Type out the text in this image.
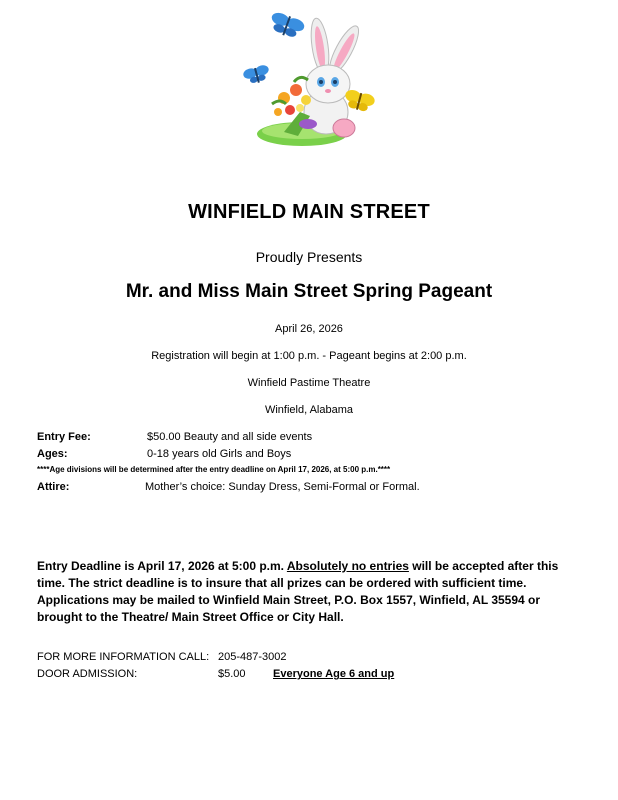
WINFIELD MAIN STREET
Proudly Presents
Mr. and Miss Main Street Spring Pageant
April 26, 2026
Registration will begin at 1:00 p.m. - Pageant begins at 2:00 p.m.
Winfield Pastime Theatre
Winfield, Alabama
Entry Fee:	$50.00 Beauty and all side events
Ages:	0-18 years old Girls and Boys
****Age divisions will be determined after the entry deadline on April 17, 2026, at 5:00 p.m.****
Attire:	Mother’s choice: Sunday Dress, Semi-Formal or Formal.
Entry Deadline is April 17, 2026 at 5:00 p.m. Absolutely no entries will be accepted after this time. The strict deadline is to insure that all prizes can be ordered with sufficient time. Applications may be mailed to Winfield Main Street, P.O. Box 1557, Winfield, AL 35594 or brought to the Theatre/ Main Street Office or City Hall.
FOR MORE INFORMATION CALL: 205-487-3002
DOOR ADMISSION:	$5.00 Everyone Age 6 and up
